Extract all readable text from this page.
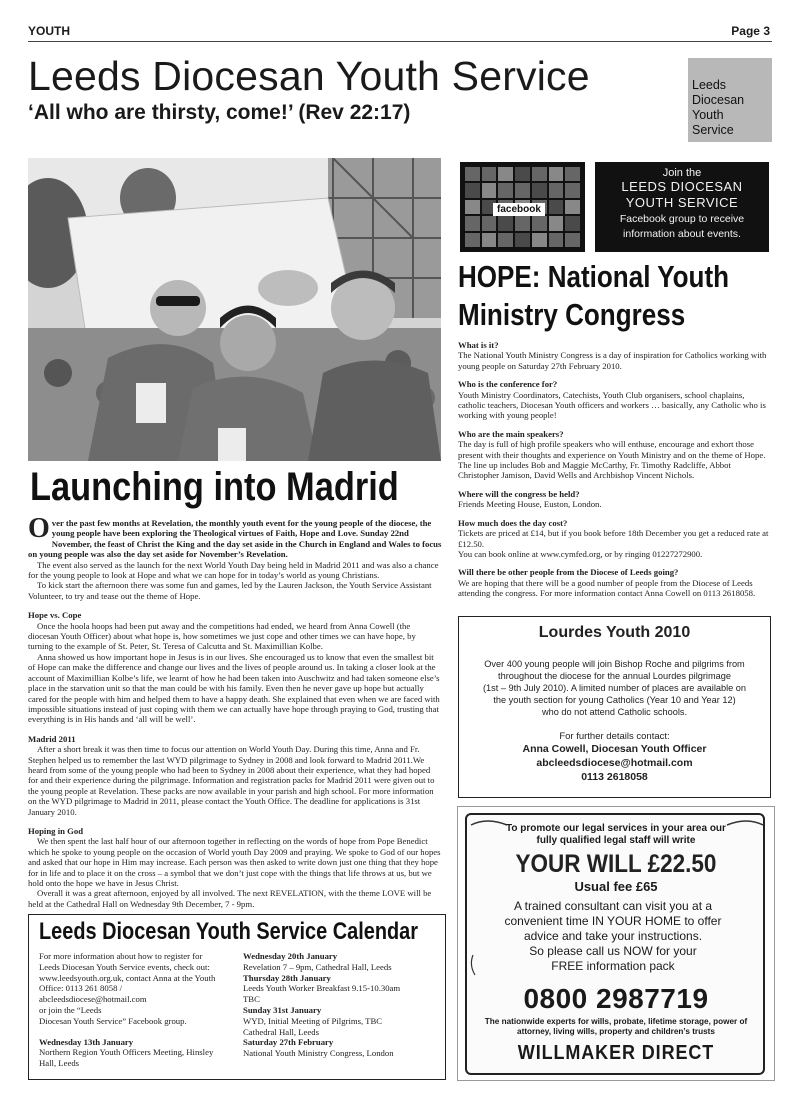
YOUTH	Page 3
Leeds Diocesan Youth Service
‘All who are thirsty, come!’ (Rev 22:17)
Leeds
Diocesan
Youth
Service
Launching into Madrid

Over the past few months at Revelation, the monthly youth event for the young people of the diocese, the young people have been exploring the Theological virtues of Faith, Hope and Love. Sunday 22nd November, the feast of Christ the King and the day set aside in the Church in England and Wales to focus on young people was also the day set aside for November’s Revelation.

The event also served as the launch for the next World Youth Day being held in Madrid 2011 and was also a chance for the young people to look at Hope and what we can hope for in today’s world as young Christians.

To kick start the afternoon there was some fun and games, led by the Lauren Jackson, the Youth Service Assistant Volunteer, to try and tease out the theme of Hope.

Hope vs. Cope

Once the hoola hoops had been put away and the competitions had ended, we heard from Anna Cowell (the diocesan Youth Officer) about what hope is, how sometimes we just cope and other times we can have hope, by turning to the example of St. Peter, St. Teresa of Calcutta and St. Maximillian Kolbe.

Anna showed us how important hope in Jesus is in our lives. She encouraged us to know that even the smallest bit of Hope can make the difference and change our lives and the lives of people around us. In taking a closer look at the account of Maximillian Kolbe’s life, we learnt of how he had been taken into Auschwitz and had taken someone else’s place in the starvation unit so that the man could be with his family. Even then he never gave up hope but actually cared for the people with him and helped them to have a happy death. She explained that even when we are faced with impossible situations instead of just coping with them we can actually have hope through praying to God, trusting that everything is in His hands and ‘all will be well’.

Madrid 2011

After a short break it was then time to focus our attention on World Youth Day. During this time, Anna and Fr. Stephen helped us to remember the last WYD pilgrimage to Sydney in 2008 and look forward to Madrid 2011.We heard from some of the young people who had been to Sydney in 2008 about their experience, what they had hoped for and their experience during the pilgrimage. Information and registration packs for Madrid 2011 were given out to the young people at Revelation. These packs are now available in your parish and high school. For more information on the WYD pilgrimage to Madrid in 2011, please contact the Youth Office. The deadline for applications is 31st January 2010.

Hoping in God

We then spent the last half hour of our afternoon together in reflecting on the words of hope from Pope Benedict which he spoke to young people on the occasion of World youth Day 2009 and praying. We spoke to God of our hopes and asked that our hope in Him may increase. Each person was then asked to write down just one thing that they hope for in life and to place it on the cross – a symbol that we don’t just cope with the things that life throws at us, but we hold onto the hope we have in Jesus Christ.

Overall it was a great afternoon, enjoyed by all involved. The next REVELATION, with the theme LOVE will be held at the Cathedral Hall on Wednesday 9th December, 7 - 9pm.

Leeds Diocesan Youth Service Calendar
For more information about how to register for
Leeds Diocesan Youth Service events, check out:
www.leedsyouth.org.uk, contact Anna at the Youth
Office: 0113 261 8058 /
abcleedsdiocese@hotmail.com
or join the “Leeds
Diocesan Youth Service” Facebook group.
Wednesday 13th January
Northern Region Youth Officers Meeting, Hinsley
Hall, Leeds
Wednesday 20th January
Revelation 7 – 9pm, Cathedral Hall, Leeds
Thursday 28th January
Leeds Youth Worker Breakfast 9.15-10.30am
TBC
Sunday 31st January
WYD, Initial Meeting of Pilgrims, TBC
Cathedral Hall, Leeds
Saturday 27th February
National Youth Ministry Congress, London
facebook
Join the
LEEDS DIOCESAN
YOUTH SERVICE
Facebook group to receive
information about events.
HOPE: National Youth
Ministry Congress

What is it?

The National Youth Ministry Congress is a day of inspiration for Catholics working with young people on Saturday 27th February 2010.

Who is the conference for?

Youth Ministry Coordinators, Catechists, Youth Club organisers, school chaplains, catholic teachers, Diocesan Youth officers and workers … basically, any Catholic who is working with young people!

Who are the main speakers?

The day is full of high profile speakers who will enthuse, encourage and exhort those present with their thoughts and experience on Youth Ministry and on the theme of Hope. The line up includes Bob and Maggie McCarthy, Fr. Timothy Radcliffe, Abbot Christopher Jamison, David Wells and Archbishop Vincent Nichols.

Where will the congress be held?

Friends Meeting House, Euston, London.

How much does the day cost?

Tickets are priced at £14, but if you book before 18th December you get a reduced rate at £12.50.

You can book online at www.cymfed.org, or by ringing 01227272900.

Will there be other people from the Diocese of Leeds going?

We are hoping that there will be a good number of people from the Diocese of Leeds attending the congress. For more information contact Anna Cowell on 0113 2618058.

Lourdes Youth 2010
Over 400 young people will join Bishop Roche and pilgrims from
throughout the diocese for the annual Lourdes pilgrimage
(1st – 9th July 2010). A limited number of places are available on
the youth section for young Catholics (Year 10 and Year 12)
who do not attend Catholic schools.
For further details contact:
Anna Cowell, Diocesan Youth Officer
abcleedsdiocese@hotmail.com
0113 2618058
To promote our legal services in your area our
fully qualified legal staff will write
YOUR WILL £22.50
Usual fee £65
A trained consultant can visit you at a
convenient time IN YOUR HOME to offer
advice and take your instructions.
So please call us NOW for your
FREE information pack
0800 2987719
The nationwide experts for wills, probate, lifetime storage, power of
attorney, living wills, property and children’s trusts
WILLMAKER DIRECT
